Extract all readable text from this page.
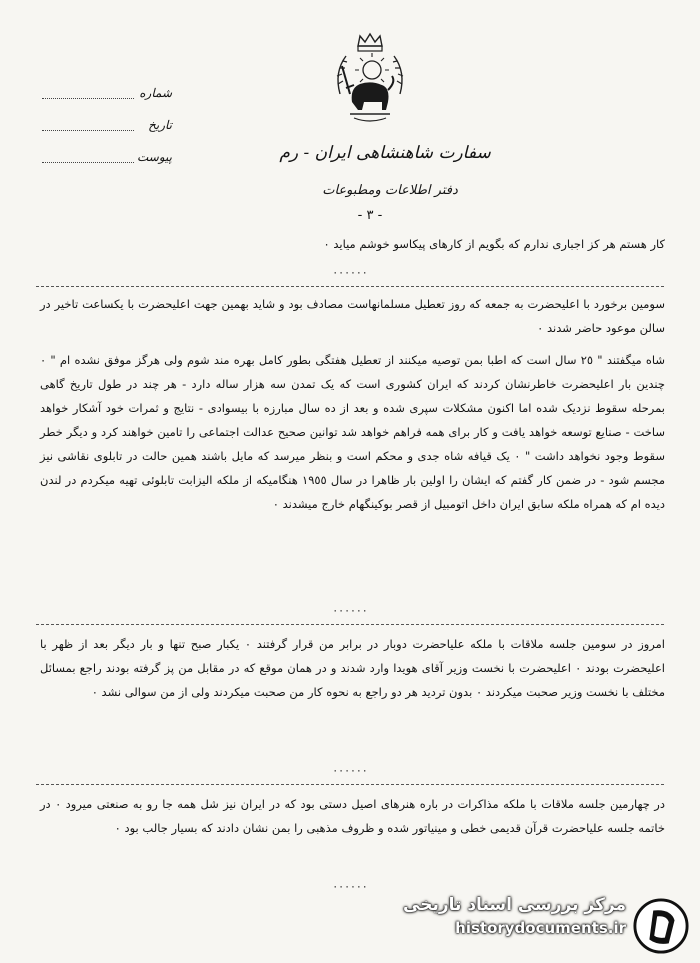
شماره
تاریخ
پیوست	سفارت شاهنشاهی ایران - رم
دفتر اطلاعات ومطبوعات
- ٣ -
کار هستم هر کز اجباری ندارم که بگویم از کارهای پیکاسو خوشم میاید ۰
۰۰۰۰۰۰
سومین برخورد با اعلیحضرت به جمعه که روز تعطیل مسلمانهاست مصادف بود و شاید بهمین جهت اعلیحضرت با یکساعت تاخیر در سالن موعود حاضر شدند ۰
شاه میگفتند " ٢٥ سال است که اطبا بمن توصیه میکنند از تعطیل هفتگی بطور کامل بهره مند شوم ولی هرگز موفق نشده ام " ۰ چندین بار اعلیحضرت خاطرنشان کردند که ایران کشوری است که یک تمدن سه هزار ساله دارد - هر چند در طول تاریخ گاهی بمرحله سقوط نزدیک شده اما اکنون مشکلات سپری شده و بعد از ده سال مبارزه با بیسوادی - نتایج و ثمرات خود آشکار خواهد ساخت - صنایع توسعه خواهد یافت و کار برای همه فراهم خواهد شد توانین صحیح عدالت اجتماعی را تامین خواهند کرد و دیگر خطر سقوط وجود نخواهد داشت " ۰ یک قیافه شاه جدی و محکم است و بنظر میرسد که مایل باشند همین حالت در تابلوی نقاشی نیز مجسم شود - در ضمن کار گفتم که ایشان را اولین بار ظاهرا در سال ١٩٥٥ هنگامیکه از ملکه الیزابت تابلوئی تهیه میکردم در لندن دیده ام که همراه ملکه سابق ایران داخل اتومبیل از قصر بوکینگهام خارج میشدند ۰
۰۰۰۰۰۰
امروز در سومین جلسه ملاقات با ملکه علیاحضرت دوبار در برابر من قرار گرفتند ۰ یکبار صبح تنها و بار دیگر بعد از ظهر با اعلیحضرت بودند ۰ اعلیحضرت با نخست وزیر آقای هویدا وارد شدند و در همان موقع که در مقابل من پز گرفته بودند راجع بمسائل مختلف با نخست وزیر صحبت میکردند ۰ بدون تردید هر دو راجع به نحوه کار من صحبت میکردند ولی از من سوالی نشد ۰
۰۰۰۰۰۰
در چهارمین جلسه ملاقات با ملکه مذاکرات در باره هنرهای اصیل دستی بود که در ایران نیز شل همه جا رو به صنعتی میرود ۰ در خاتمه جلسه علیاحضرت قرآن قدیمی خطی و مینیاتور شده و ظروف مذهبی را بمن نشان دادند که بسیار جالب بود ۰
۰۰۰۰۰۰
مرکز بررسی اسناد تاریخی
historydocuments.ir
